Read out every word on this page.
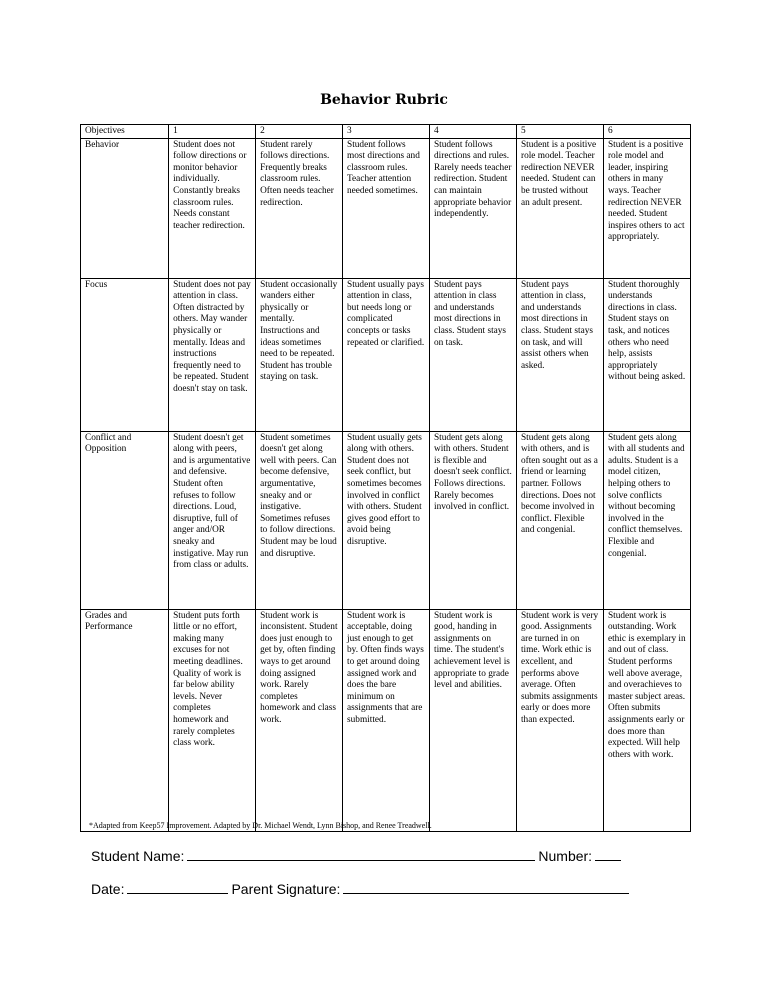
Behavior Rubric
Objectives	1	2	3	4	5	6
Behavior	Student does not follow directions or monitor behavior individually. Constantly breaks classroom rules. Needs constant teacher redirection.	Student rarely follows directions. Frequently breaks classroom rules. Often needs teacher redirection.	Student follows most directions and classroom rules. Teacher attention needed sometimes.	Student follows directions and rules. Rarely needs teacher redirection. Student can maintain appropriate behavior independently.	Student is a positive role model. Teacher redirection NEVER needed. Student can be trusted without an adult present.	Student is a positive role model and leader, inspiring others in many ways. Teacher redirection NEVER needed. Student inspires others to act appropriately.
Focus	Student does not pay attention in class. Often distracted by others. May wander physically or mentally. Ideas and instructions frequently need to be repeated. Student doesn't stay on task.	Student occasionally wanders either physically or mentally. Instructions and ideas sometimes need to be repeated. Student has trouble staying on task.	Student usually pays attention in class, but needs long or complicated concepts or tasks repeated or clarified.	Student pays attention in class and understands most directions in class. Student stays on task.	Student pays attention in class, and understands most directions in class. Student stays on task, and will assist others when asked.	Student thoroughly understands directions in class. Student stays on task, and notices others who need help, assists appropriately without being asked.
Conflict and Opposition	Student doesn't get along with peers, and is argumentative and defensive. Student often refuses to follow directions. Loud, disruptive, full of anger and/OR sneaky and instigative. May run from class or adults.	Student sometimes doesn't get along well with peers. Can become defensive, argumentative, sneaky and or instigative. Sometimes refuses to follow directions. Student may be loud and disruptive.	Student usually gets along with others. Student does not seek conflict, but sometimes becomes involved in conflict with others. Student gives good effort to avoid being disruptive.	Student gets along with others. Student is flexible and doesn't seek conflict. Follows directions. Rarely becomes involved in conflict.	Student gets along with others, and is often sought out as a friend or learning partner. Follows directions. Does not become involved in conflict. Flexible and congenial.	Student gets along with all students and adults. Student is a model citizen, helping others to solve conflicts without becoming involved in the conflict themselves. Flexible and congenial.
Grades and Performance	Student puts forth little or no effort, making many excuses for not meeting deadlines. Quality of work is far below ability levels. Never completes homework and rarely completes class work.	Student work is inconsistent. Student does just enough to get by, often finding ways to get around doing assigned work. Rarely completes homework and class work.	Student work is acceptable, doing just enough to get by. Often finds ways to get around doing assigned work and does the bare minimum on assignments that are submitted.	Student work is good, handing in assignments on time. The student's achievement level is appropriate to grade level and abilities.	Student work is very good. Assignments are turned in on time. Work ethic is excellent, and performs above average. Often submits assignments early or does more than expected.	Student work is outstanding. Work ethic is exemplary in and out of class. Student performs well above average, and overachieves to master subject areas. Often submits assignments early or does more than expected. Will help others with work.
*Adapted from Keep57 Improvement. Adapted by Dr. Michael Wendt, Lynn Bishop, and Renee Treadwell.
Student Name:	Number:
Date:	Parent Signature:
